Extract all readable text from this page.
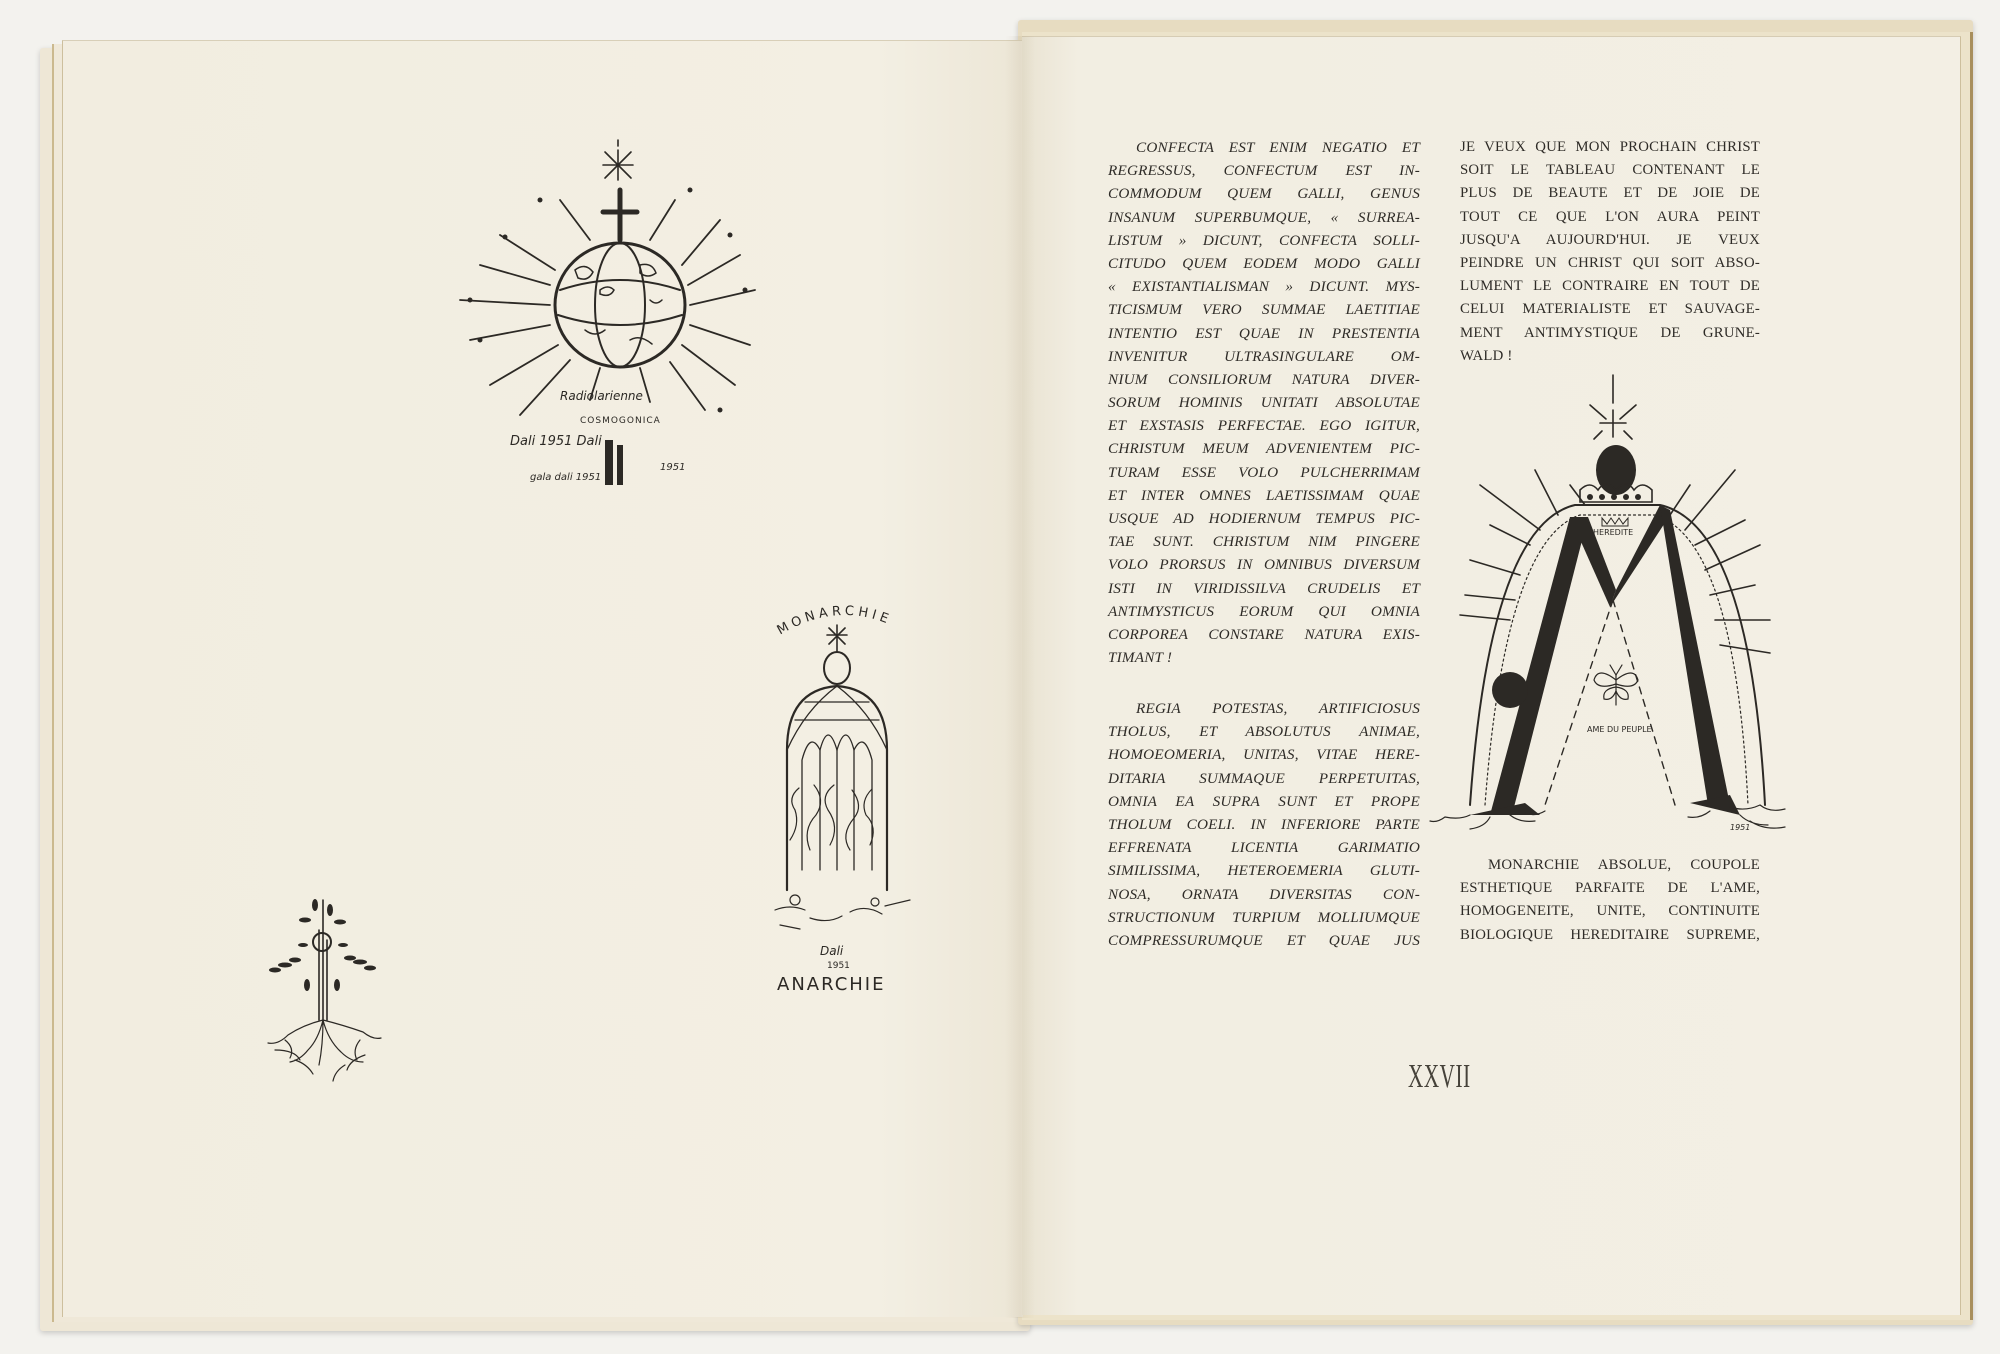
Radiolarienne
COSMOGONICA
Dali 1951 Dali
gala dali 1951
1951
MONARCHIE
Dali
1951
ANARCHIE
CONFECTA EST ENIM NEGATIO ET
REGRESSUS, CONFECTUM EST IN-
COMMODUM QUEM GALLI, GENUS
INSANUM SUPERBUMQUE, « SURREA-
LISTUM » DICUNT, CONFECTA SOLLI-
CITUDO QUEM EODEM MODO GALLI
« EXISTANTIALISMAN » DICUNT. MYS-
TICISMUM VERO SUMMAE LAETITIAE
INTENTIO EST QUAE IN PRESTENTIA
INVENITUR ULTRASINGULARE OM-
NIUM CONSILIORUM NATURA DIVER-
SORUM HOMINIS UNITATI ABSOLUTAE
ET EXSTASIS PERFECTAE. EGO IGITUR,
CHRISTUM MEUM ADVENIENTEM PIC-
TURAM ESSE VOLO PULCHERRIMAM
ET INTER OMNES LAETISSIMAM QUAE
USQUE AD HODIERNUM TEMPUS PIC-
TAE SUNT. CHRISTUM NIM PINGERE
VOLO PRORSUS IN OMNIBUS DIVERSUM
ISTI IN VIRIDISSILVA CRUDELIS ET
ANTIMYSTICUS EORUM QUI OMNIA
CORPOREA CONSTARE NATURA EXIS-
TIMANT !
REGIA POTESTAS, ARTIFICIOSUS
THOLUS, ET ABSOLUTUS ANIMAE,
HOMOEOMERIA, UNITAS, VITAE HERE-
DITARIA SUMMAQUE PERPETUITAS,
OMNIA EA SUPRA SUNT ET PROPE
THOLUM COELI. IN INFERIORE PARTE
EFFRENATA LICENTIA GARIMATIO
SIMILISSIMA, HETEROEMERIA GLUTI-
NOSA, ORNATA DIVERSITAS CON-
STRUCTIONUM TURPIUM MOLLIUMQUE
COMPRESSURUMQUE ET QUAE JUS
JE VEUX QUE MON PROCHAIN CHRIST
SOIT LE TABLEAU CONTENANT LE
PLUS DE BEAUTE ET DE JOIE DE
TOUT CE QUE L'ON AURA PEINT
JUSQU'A AUJOURD'HUI. JE VEUX
PEINDRE UN CHRIST QUI SOIT ABSO-
LUMENT LE CONTRAIRE EN TOUT DE
CELUI MATERIALISTE ET SAUVAGE-
MENT ANTIMYSTIQUE DE GRUNE-
WALD !
HEREDITE
AME DU PEUPLE
1951
MONARCHIE ABSOLUE, COUPOLE
ESTHETIQUE PARFAITE DE L'AME,
HOMOGENEITE, UNITE, CONTINUITE
BIOLOGIQUE HEREDITAIRE SUPREME,
XXVII
